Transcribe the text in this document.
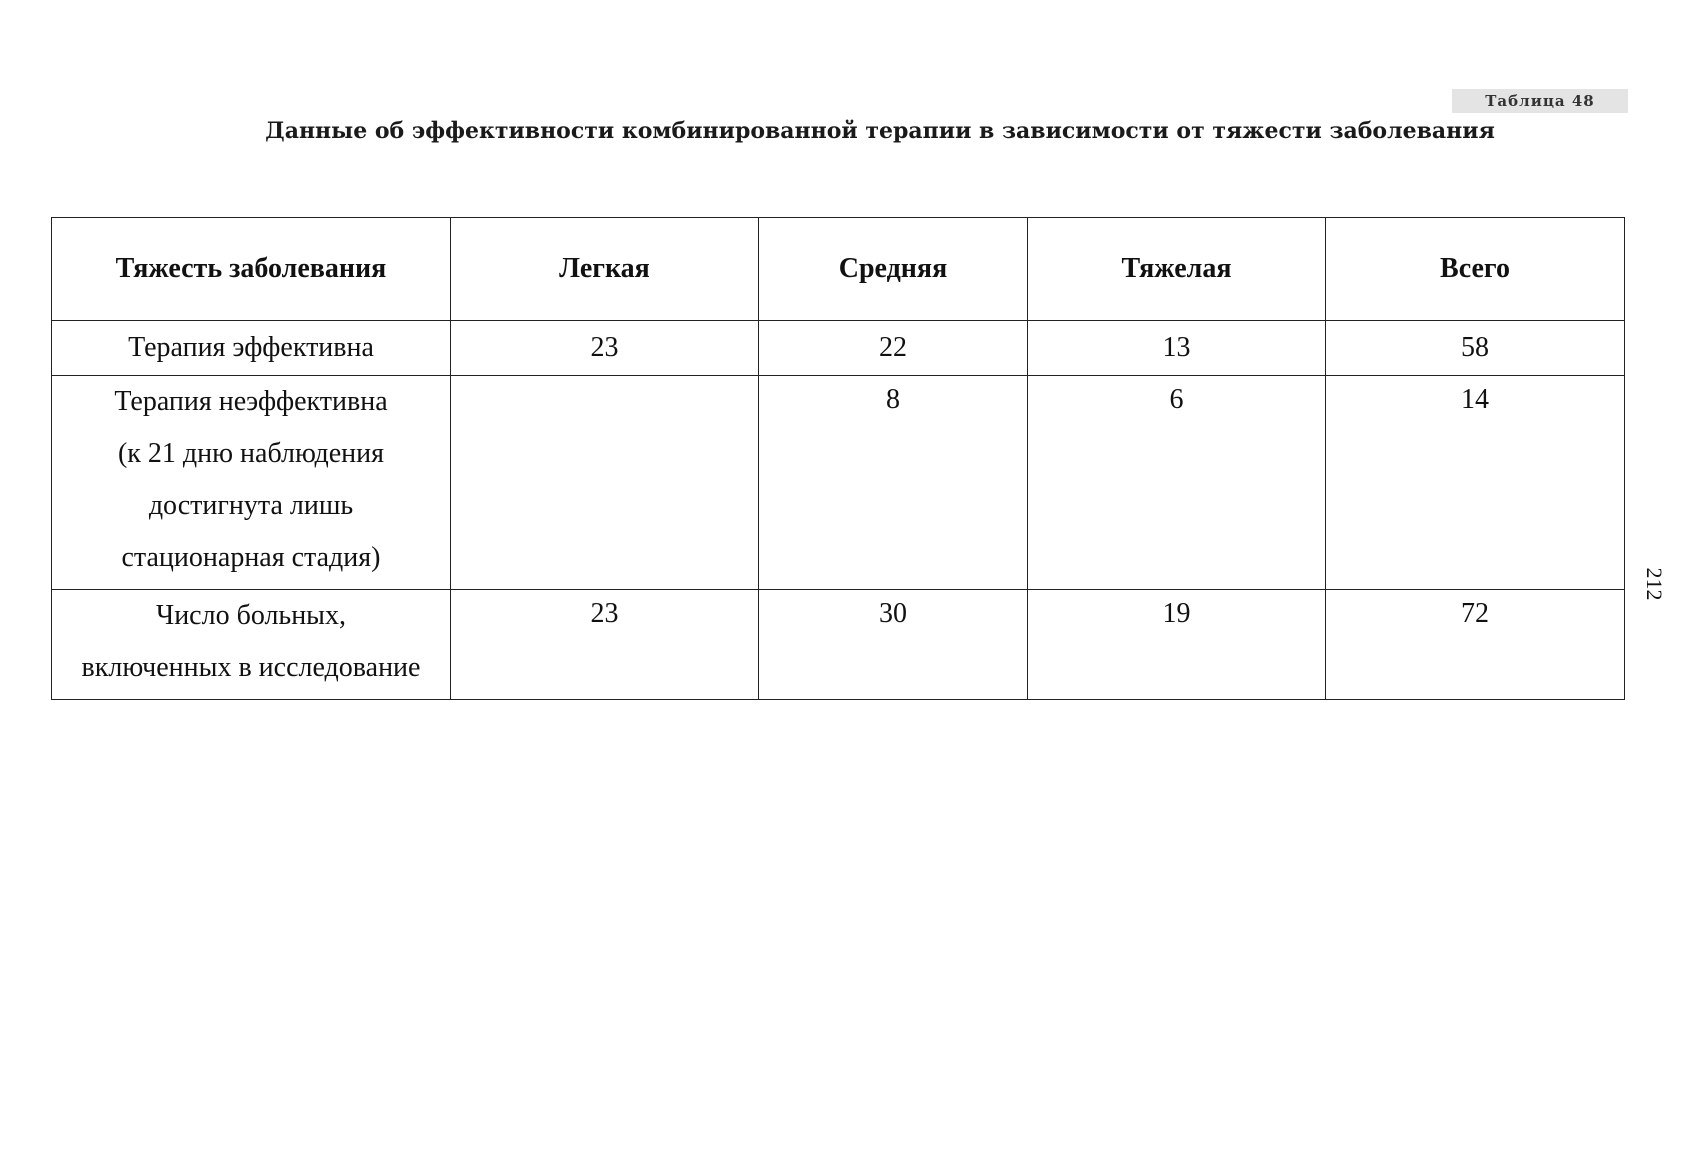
Таблица 48
Данные об эффективности комбинированной терапии в зависимости от тяжести заболевания
212
Тяжесть заболевания	Легкая	Средняя	Тяжелая	Всего

Терапия эффективна	23	22	13	58

Терапия неэффективна
(к 21 дню наблюдения
достигнута лишь
стационарная стадия)		8	6	14

Число больных,
включенных в исследование	23	30	19	72
